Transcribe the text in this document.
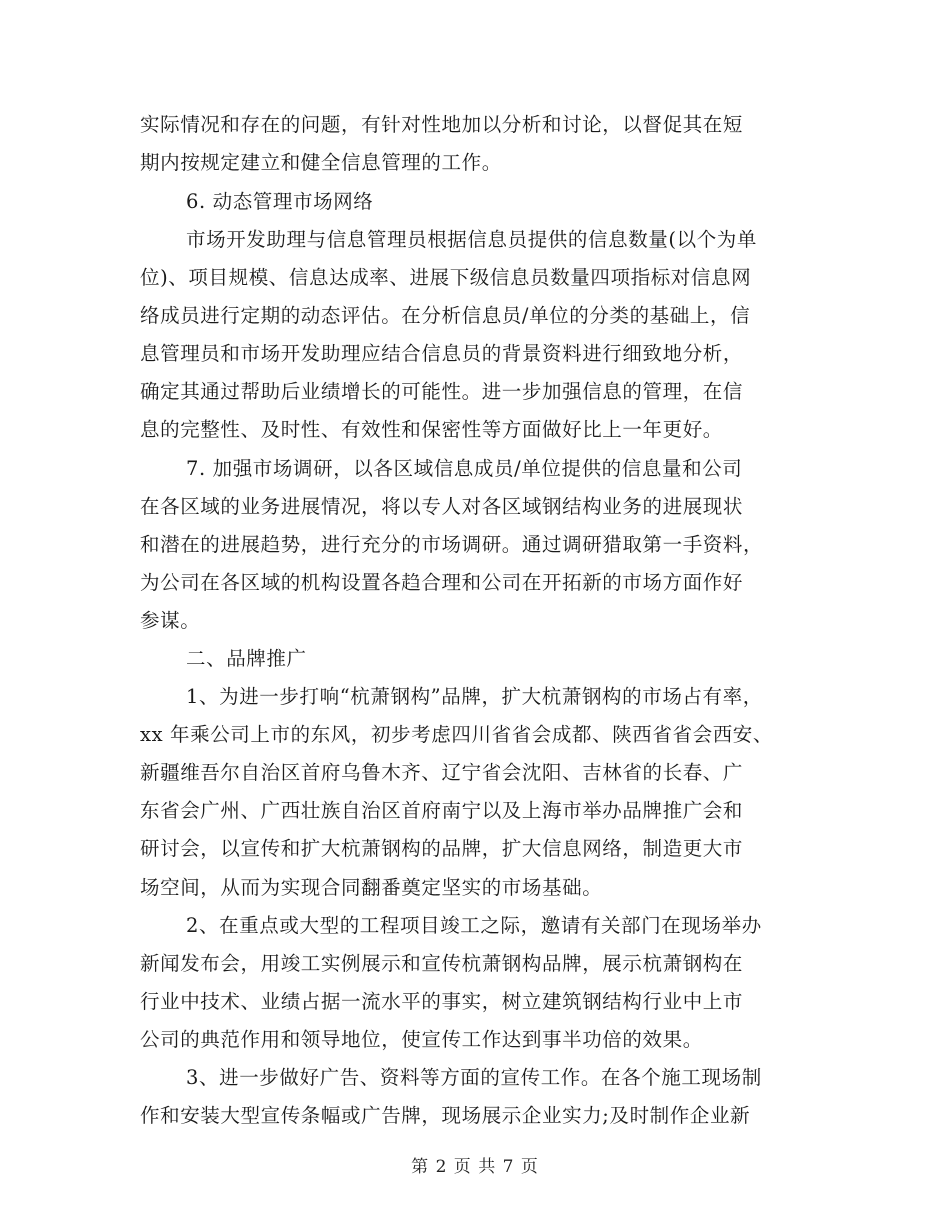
实际情况和存在的问题，有针对性地加以分析和讨论，以督促其在短
期内按规定建立和健全信息管理的工作。
6. 动态管理市场网络
市场开发助理与信息管理员根据信息员提供的信息数量(以个为单
位)、项目规模、信息达成率、进展下级信息员数量四项指标对信息网
络成员进行定期的动态评估。在分析信息员/单位的分类的基础上，信
息管理员和市场开发助理应结合信息员的背景资料进行细致地分析，
确定其通过帮助后业绩增长的可能性。进一步加强信息的管理，在信
息的完整性、及时性、有效性和保密性等方面做好比上一年更好。
7. 加强市场调研，以各区域信息成员/单位提供的信息量和公司
在各区域的业务进展情况，将以专人对各区域钢结构业务的进展现状
和潜在的进展趋势，进行充分的市场调研。通过调研猎取第一手资料，
为公司在各区域的机构设置各趋合理和公司在开拓新的市场方面作好
参谋。
二、品牌推广
1、为进一步打响“杭萧钢构”品牌，扩大杭萧钢构的市场占有率，
xx 年乘公司上市的东风，初步考虑四川省省会成都、陕西省省会西安、
新疆维吾尔自治区首府乌鲁木齐、辽宁省会沈阳、吉林省的长春、广
东省会广州、广西壮族自治区首府南宁以及上海市举办品牌推广会和
研讨会，以宣传和扩大杭萧钢构的品牌，扩大信息网络，制造更大市
场空间，从而为实现合同翻番奠定坚实的市场基础。
2、在重点或大型的工程项目竣工之际，邀请有关部门在现场举办
新闻发布会，用竣工实例展示和宣传杭萧钢构品牌，展示杭萧钢构在
行业中技术、业绩占据一流水平的事实，树立建筑钢结构行业中上市
公司的典范作用和领导地位，使宣传工作达到事半功倍的效果。
3、进一步做好广告、资料等方面的宣传工作。在各个施工现场制
作和安装大型宣传条幅或广告牌，现场展示企业实力;及时制作企业新
第 2 页 共 7 页
